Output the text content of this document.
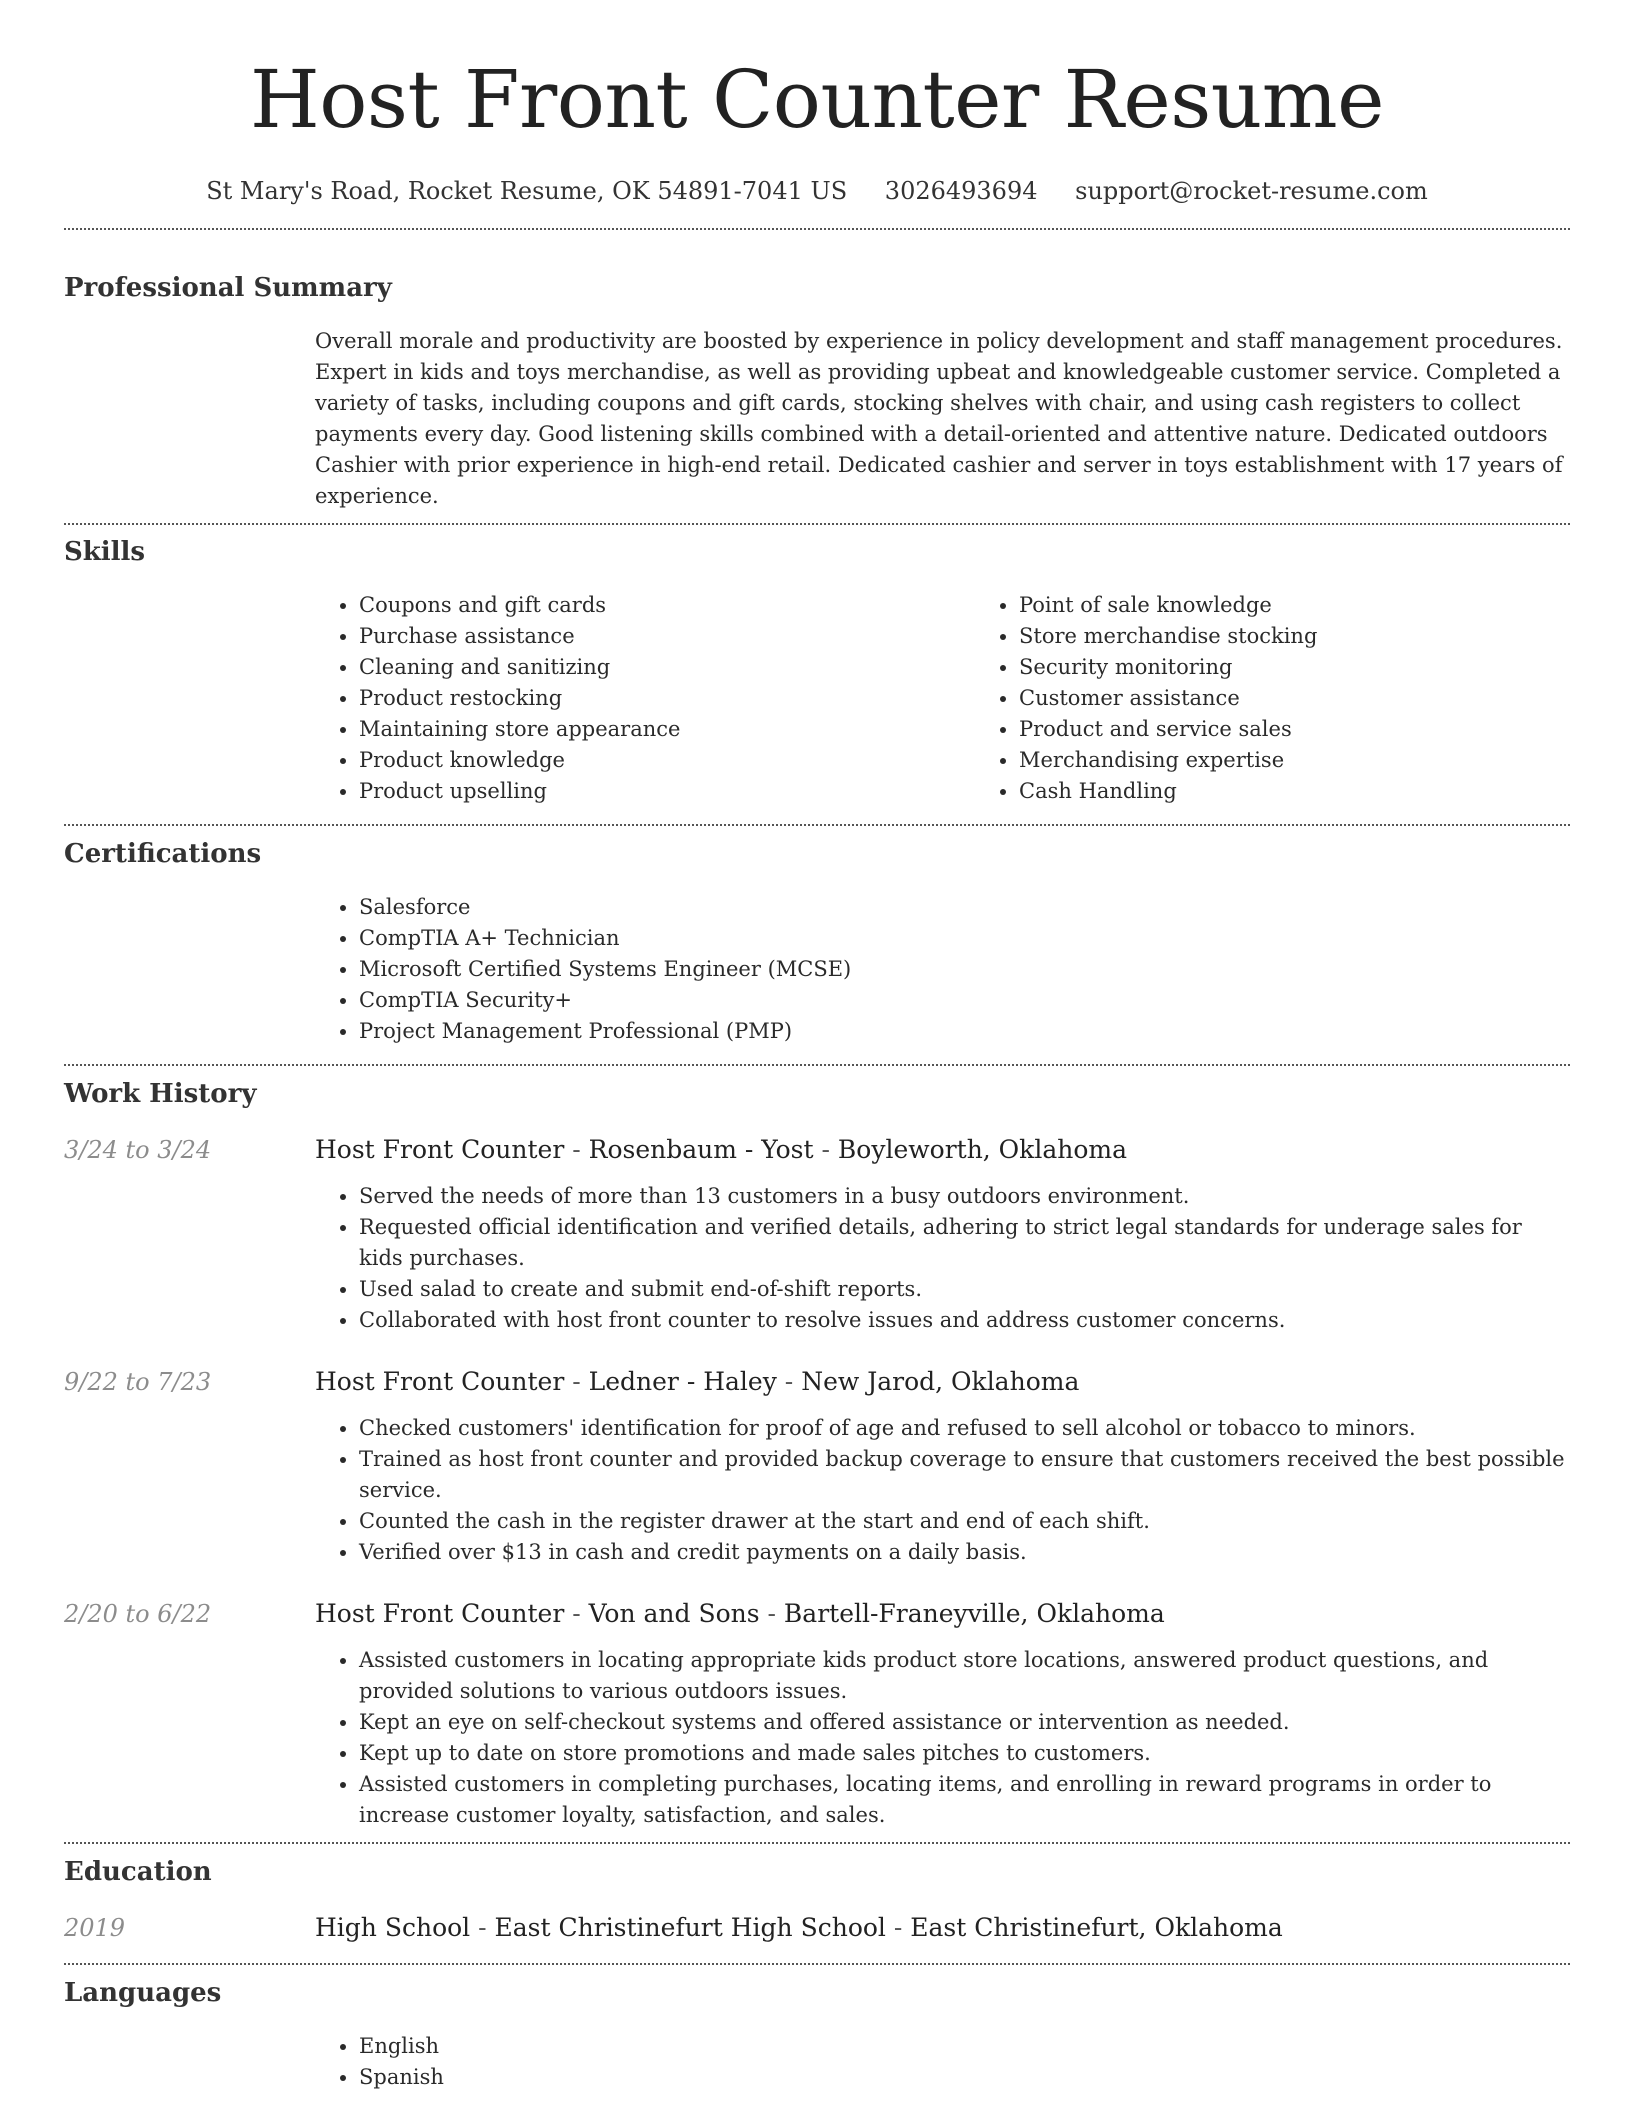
Host Front Counter Resume
St Mary's Road, Rocket Resume, OK 54891-7041 US 3026493694 support@rocket-resume.com
Professional Summary

Overall morale and productivity are boosted by experience in policy development and staff management procedures. Expert in kids and toys merchandise, as well as providing upbeat and knowledgeable customer service. Completed a variety of tasks, including coupons and gift cards, stocking shelves with chair, and using cash registers to collect payments every day. Good listening skills combined with a detail-oriented and attentive nature. Dedicated outdoors Cashier with prior experience in high-end retail. Dedicated cashier and server in toys establishment with 17 years of experience.

Skills
• Coupons and gift cards
• Purchase assistance
• Cleaning and sanitizing
• Product restocking
• Maintaining store appearance
• Product knowledge
• Product upselling
• Point of sale knowledge
• Store merchandise stocking
• Security monitoring
• Customer assistance
• Product and service sales
• Merchandising expertise
• Cash Handling
Certifications
• Salesforce
• CompTIA A+ Technician
• Microsoft Certified Systems Engineer (MCSE)
• CompTIA Security+
• Project Management Professional (PMP)
Work History
3/24 to 3/24	Host Front Counter - Rosenbaum - Yost - Boyleworth, Oklahoma
• Served the needs of more than 13 customers in a busy outdoors environment.
• Requested official identification and verified details, adhering to strict legal standards for underage sales for kids purchases.
• Used salad to create and submit end-of-shift reports.
• Collaborated with host front counter to resolve issues and address customer concerns.
9/22 to 7/23	Host Front Counter - Ledner - Haley - New Jarod, Oklahoma
• Checked customers' identification for proof of age and refused to sell alcohol or tobacco to minors.
• Trained as host front counter and provided backup coverage to ensure that customers received the best possible service.
• Counted the cash in the register drawer at the start and end of each shift.
• Verified over $13 in cash and credit payments on a daily basis.
2/20 to 6/22	Host Front Counter - Von and Sons - Bartell-Franeyville, Oklahoma
• Assisted customers in locating appropriate kids product store locations, answered product questions, and provided solutions to various outdoors issues.
• Kept an eye on self-checkout systems and offered assistance or intervention as needed.
• Kept up to date on store promotions and made sales pitches to customers.
• Assisted customers in completing purchases, locating items, and enrolling in reward programs in order to increase customer loyalty, satisfaction, and sales.
Education
2019	High School - East Christinefurt High School - East Christinefurt, Oklahoma
Languages
• English
• Spanish
